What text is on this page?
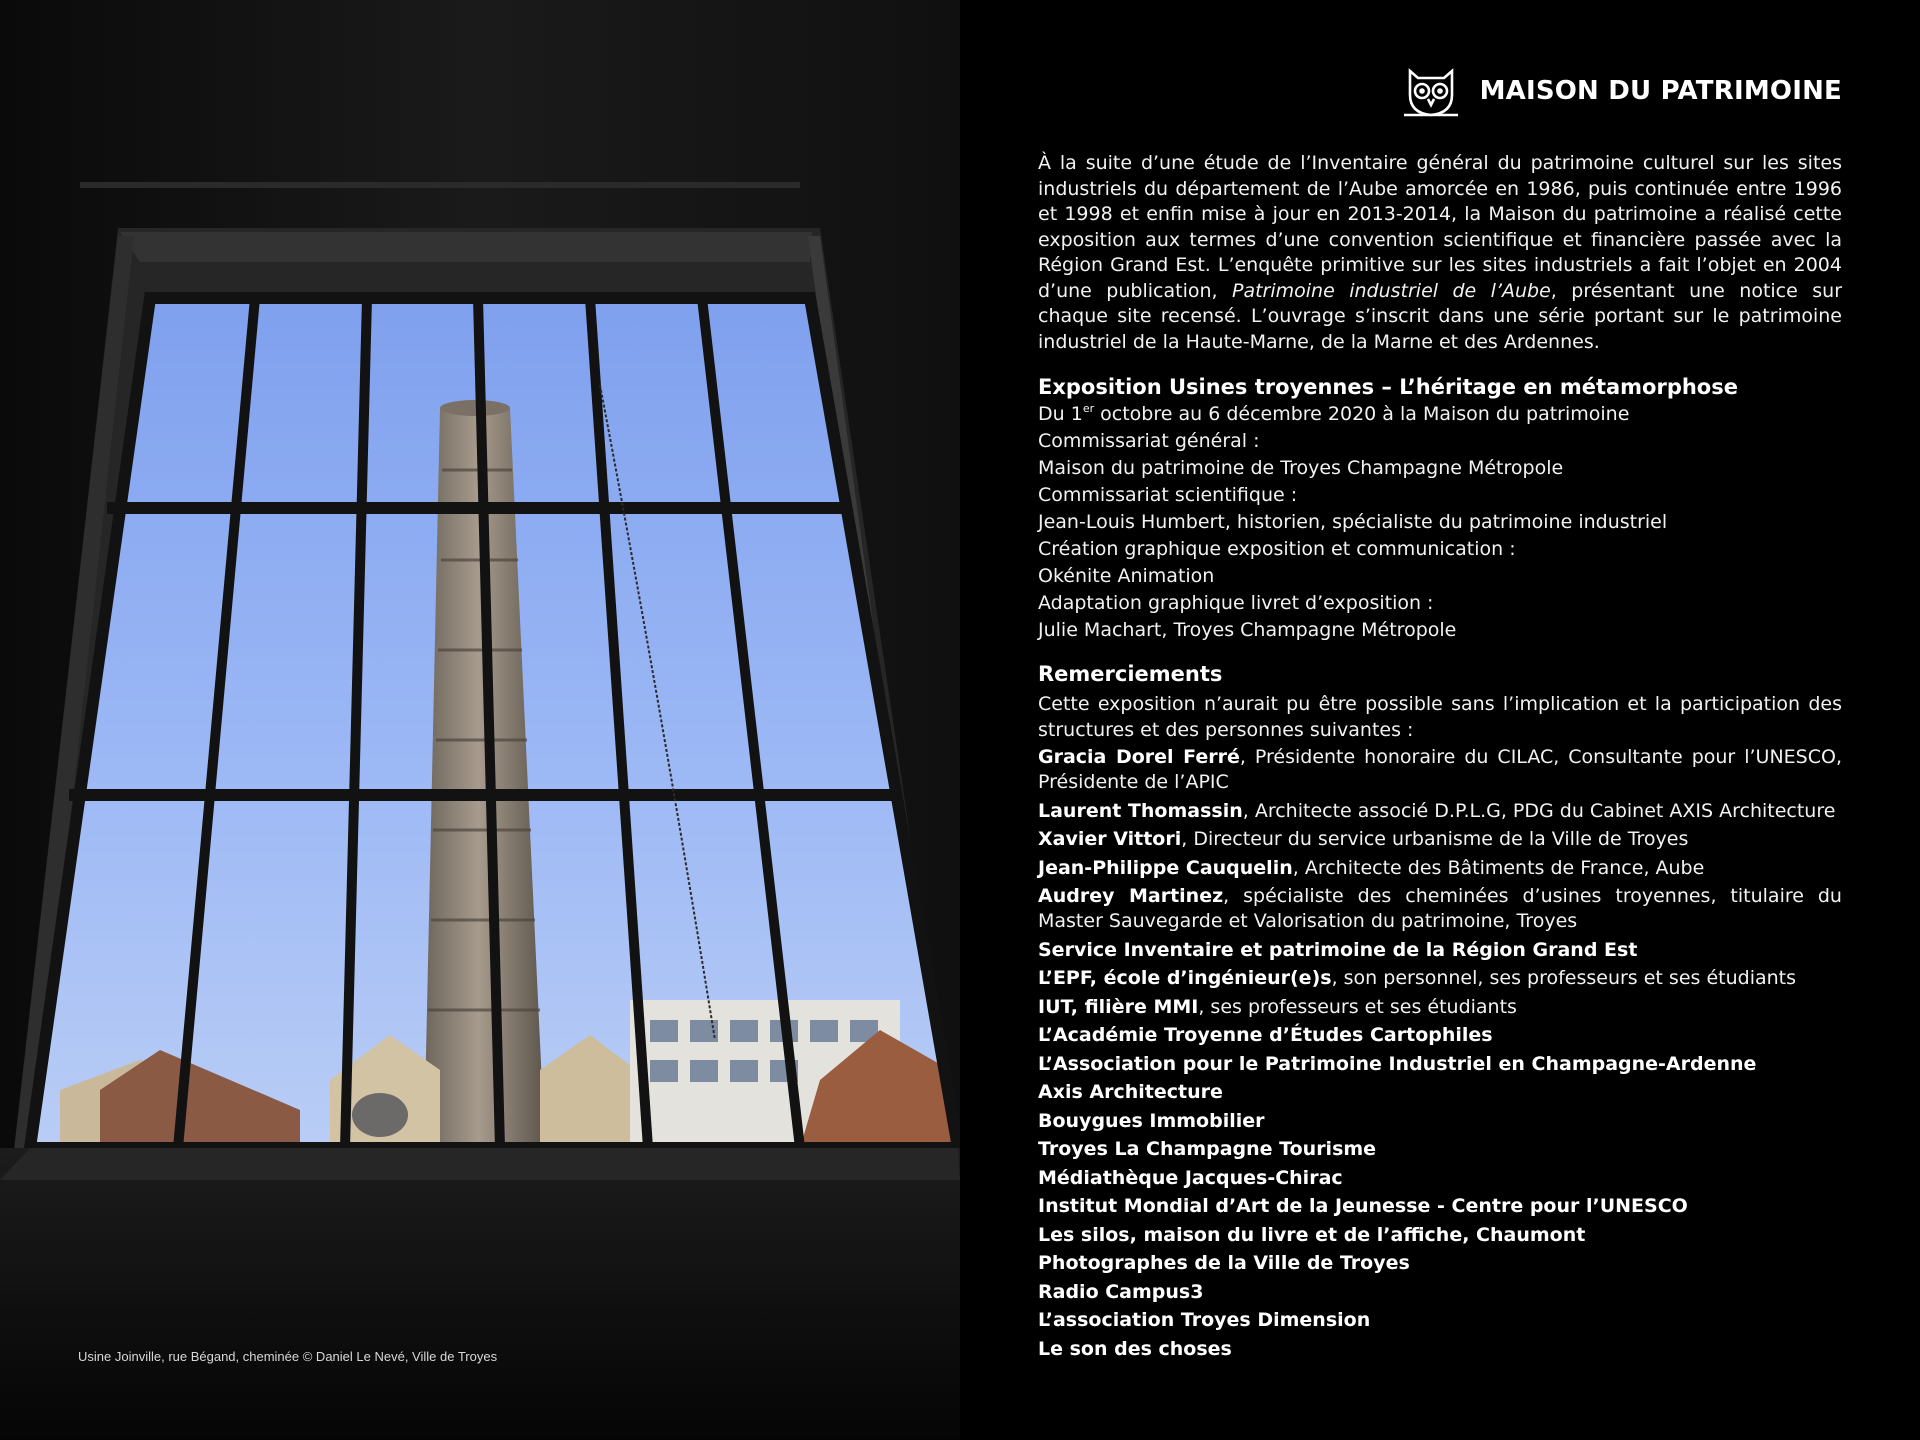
Usine Joinville, rue Bégand, cheminée © Daniel Le Nevé, Ville de Troyes
MAISON DU PATRIMOINE

À la suite d’une étude de l’Inventaire général du patrimoine culturel sur les sites industriels du département de l’Aube amorcée en 1986, puis continuée entre 1996 et 1998 et enfin mise à jour en 2013-2014, la Maison du patrimoine a réalisé cette exposition aux termes d’une convention scientifique et financière passée avec la Région Grand Est. L’enquête primitive sur les sites industriels a fait l’objet en 2004 d’une publication, Patrimoine industriel de l’Aube, présentant une notice sur chaque site recensé. L’ouvrage s’inscrit dans une série portant sur le patrimoine industriel de la Haute-Marne, de la Marne et des Ardennes.

Exposition Usines troyennes – L’héritage en métamorphose
Du 1er octobre au 6 décembre 2020 à la Maison du patrimoine
Commissariat général :
Maison du patrimoine de Troyes Champagne Métropole
Commissariat scientifique :
Jean-Louis Humbert, historien, spécialiste du patrimoine industriel
Création graphique exposition et communication :
Okénite Animation
Adaptation graphique livret d’exposition :
Julie Machart, Troyes Champagne Métropole
Remerciements

Cette exposition n’aurait pu être possible sans l’implication et la participation des structures et des personnes suivantes :

Gracia Dorel Ferré, Présidente honoraire du CILAC, Consultante pour l’UNESCO, Présidente de l’APIC
Laurent Thomassin, Architecte associé D.P.L.G, PDG du Cabinet AXIS Architecture
Xavier Vittori, Directeur du service urbanisme de la Ville de Troyes
Jean-Philippe Cauquelin, Architecte des Bâtiments de France, Aube
Audrey Martinez, spécialiste des cheminées d’usines troyennes, titulaire du Master Sauvegarde et Valorisation du patrimoine, Troyes
Service Inventaire et patrimoine de la Région Grand Est
L’EPF, école d’ingénieur(e)s, son personnel, ses professeurs et ses étudiants
IUT, filière MMI, ses professeurs et ses étudiants
L’Académie Troyenne d’Études Cartophiles
L’Association pour le Patrimoine Industriel en Champagne-Ardenne
Axis Architecture
Bouygues Immobilier
Troyes La Champagne Tourisme
Médiathèque Jacques-Chirac
Institut Mondial d’Art de la Jeunesse - Centre pour l’UNESCO
Les silos, maison du livre et de l’affiche, Chaumont
Photographes de la Ville de Troyes
Radio Campus3
L’association Troyes Dimension
Le son des choses
